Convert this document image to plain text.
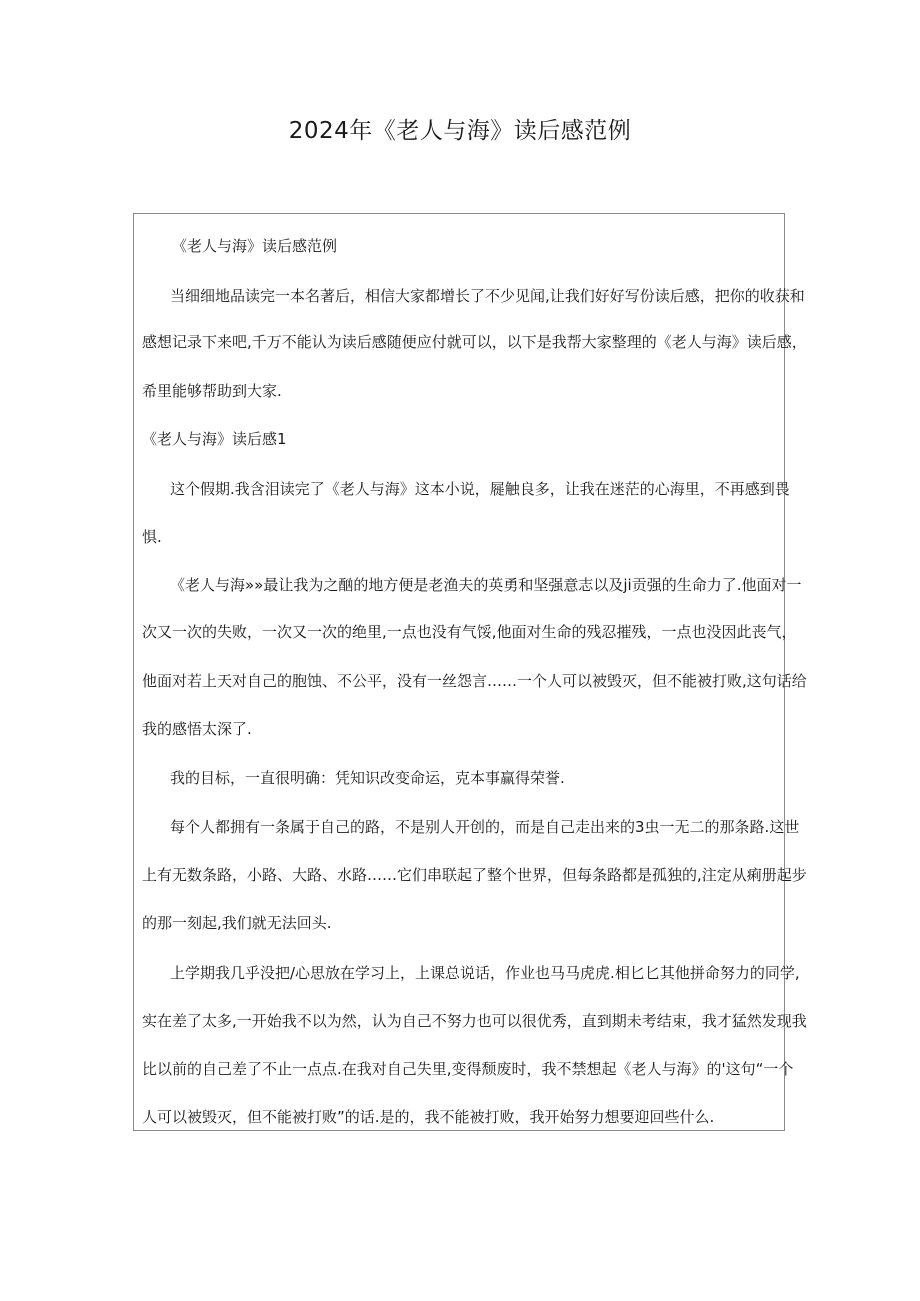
2024年《老人与海》读后感范例
《老人与海》读后感范例
当细细地品读完一本名著后，相信大家都增长了不少见闻,让我们好好写份读后感，把你的收获和
感想记录下来吧,千万不能认为读后感随便应付就可以，以下是我帮大家整理的《老人与海》读后感，
希里能够帮助到大家.
《老人与海》读后感1
这个假期.我含泪读完了《老人与海》这本小说，屣触良多，让我在迷茫的心海里，不再感到畏
惧.
《老人与海»»最让我为之酗的地方便是老渔夫的英勇和坚强意志以及ji贡强的生命力了.他面对一
次又一次的失败，一次又一次的绝里,一点也没有气馁,他面对生命的残忍摧残，一点也没因此丧气，
他面对若上天对自己的胞蚀、不公平，没有一丝怨言……一个人可以被毁灭，但不能被打败,这句话给
我的感悟太深了.
我的目标，一直很明确：凭知识改变命运，克本事赢得荣誉.
每个人都拥有一条属于自己的路，不是别人开创的，而是自己走出来的3虫一无二的那条路.这世
上有无数条路，小路、大路、水路……它们串联起了整个世界，但每条路都是孤独的,注定从痢册起步
的那一刻起,我们就无法回头.
上学期我几乎没把/心思放在学习上，上课总说话，作业也马马虎虎.相匕匕其他拼命努力的同学,
实在差了太多,一开始我不以为然，认为自己不努力也可以很优秀，直到期未考结束，我才猛然发现我
比以前的自己差了不止一点点.在我对自己失里,变得颓废时，我不禁想起《老人与海》的'这句“一个
人可以被毁灭，但不能被打败”的话.是的，我不能被打败，我开始努力想要迎回些什么.
